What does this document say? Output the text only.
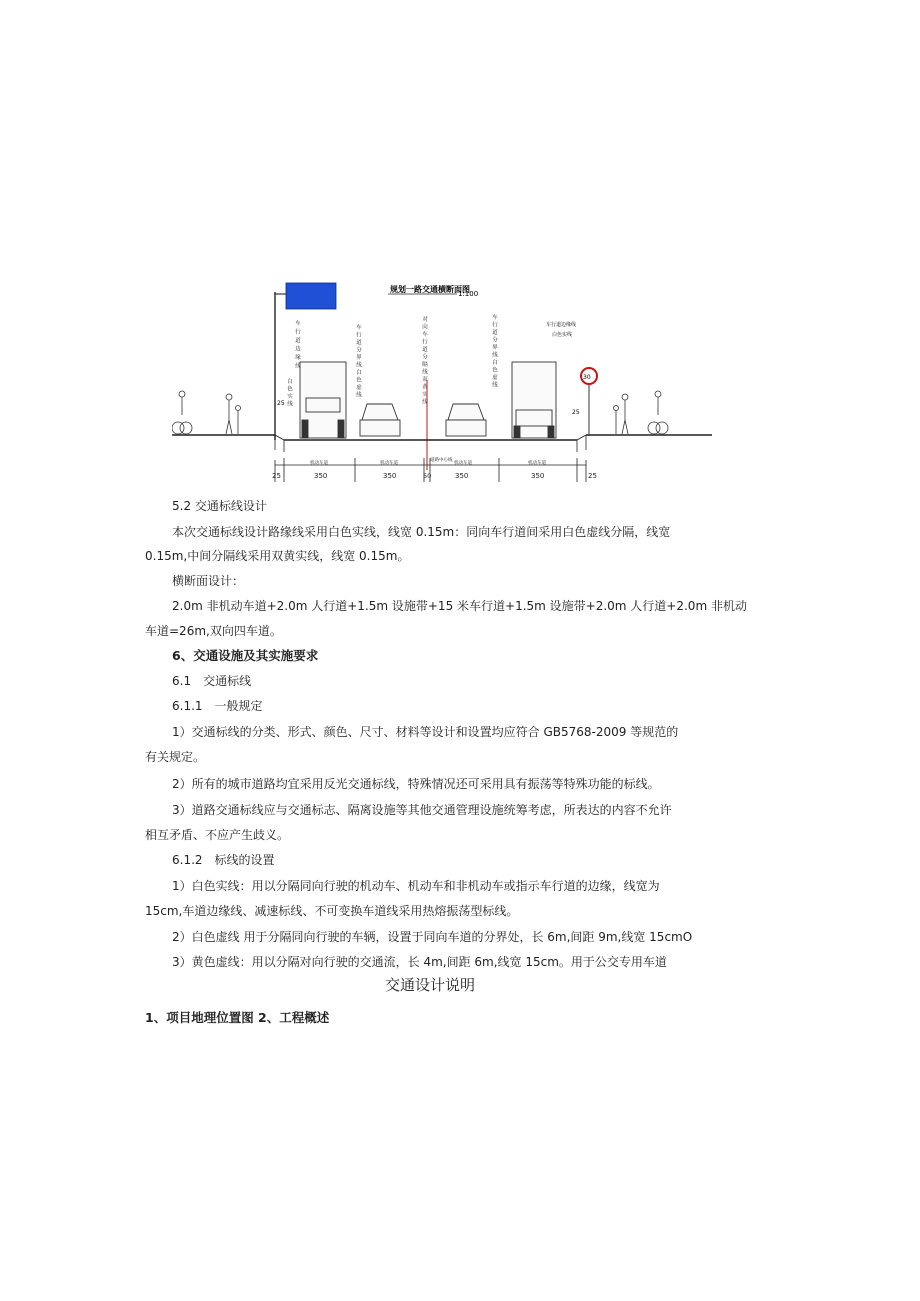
规划一路交通横断面图
1:100
车行道边缘线	车行道分界线白色虚线	对向车行道分隔线双黄实线	车行道分界线白色虚线
白色实线
车行道边缘线
白色实线
25
25
30
25	25
350	350	50	350	350
机动车道	机动车道
道路中心线
机动车道	机动车道

5.2 交通标线设计

本次交通标线设计路缘线采用白色实线，线宽 0.15m：同向车行道间采用白色虚线分隔，线宽

0.15m,中间分隔线采用双黄实线，线宽 0.15m。

横断面设计：

2.0m 非机动车道+2.0m 人行道+1.5m 设施带+15 米车行道+1.5m 设施带+2.0m 人行道+2.0m 非机动

车道=26m,双向四车道。

6、交通设施及其实施要求

6.1　交通标线

6.1.1　一般规定

1）交通标线的分类、形式、颜色、尺寸、材料等设计和设置均应符合 GB5768-2009 等规范的

有关规定。

2）所有的城市道路均宜采用反光交通标线，特殊情况还可采用具有振荡等特殊功能的标线。

3）道路交通标线应与交通标志、隔离设施等其他交通管理设施统筹考虑，所表达的内容不允许

相互矛盾、不应产生歧义。

6.1.2　标线的设置

1）白色实线：用以分隔同向行驶的机动车、机动车和非机动车或指示车行道的边缘，线宽为

15cm,车道边缘线、减速标线、不可变换车道线采用热熔振荡型标线。

2）白色虚线 用于分隔同向行驶的车辆，设置于同向车道的分界处，长 6m,间距 9m,线宽 15cmO

3）黄色虚线：用以分隔对向行驶的交通流，长 4m,间距 6m,线宽 15cm。用于公交专用车道

交通设计说明

1、项目地理位置图 2、工程概述
